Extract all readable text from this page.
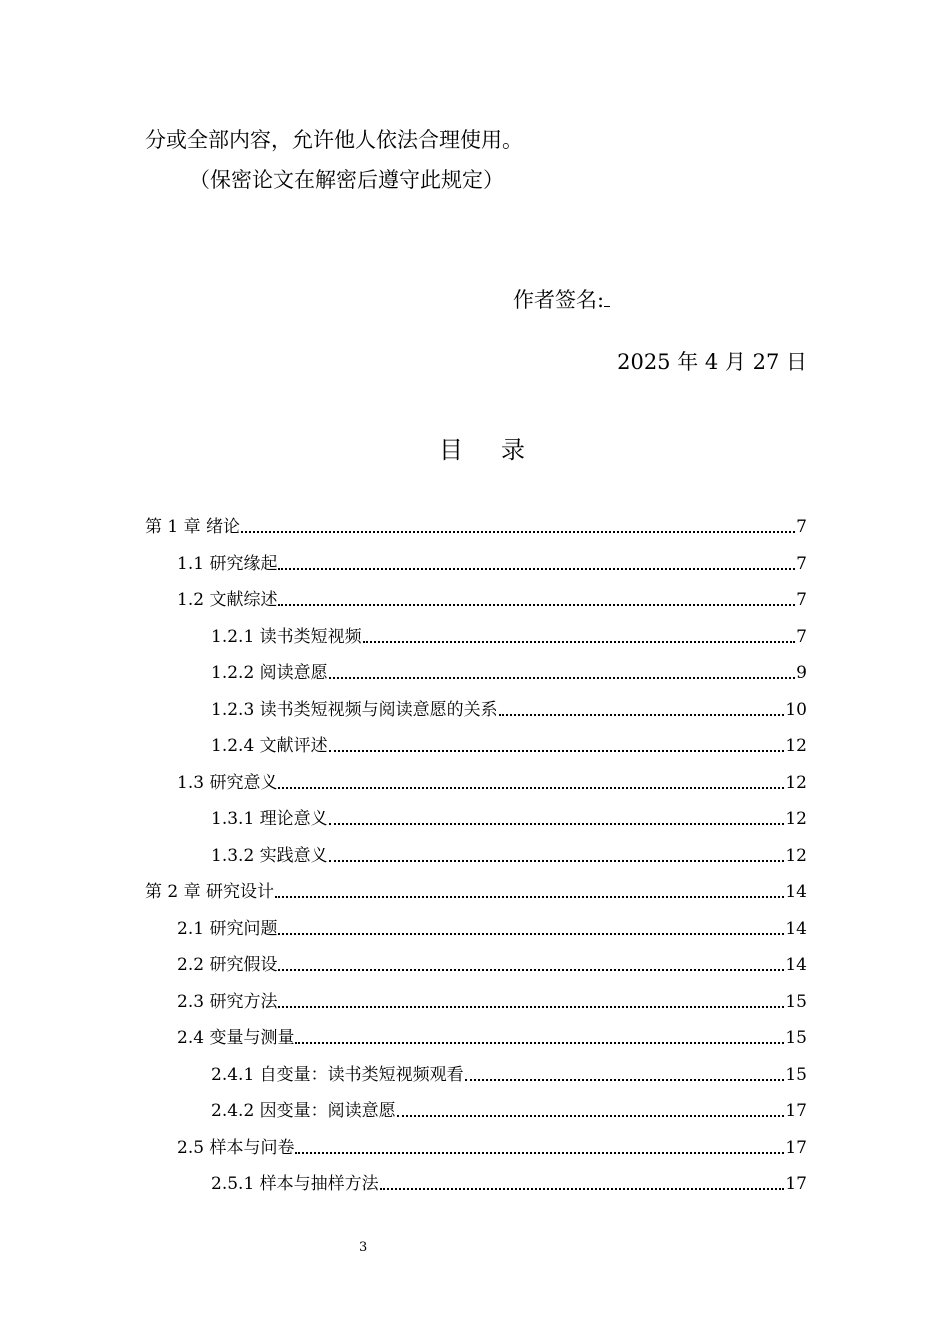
分或全部内容，允许他人依法合理使用。
（保密论文在解密后遵守此规定）
作者签名:
2025 年 4 月 27 日
目 录
第 1 章 绪论	7
1.1 研究缘起	7
1.2 文献综述	7
1.2.1 读书类短视频	7
1.2.2 阅读意愿	9
1.2.3 读书类短视频与阅读意愿的关系	10
1.2.4 文献评述	12
1.3 研究意义	12
1.3.1 理论意义	12
1.3.2 实践意义	12
第 2 章 研究设计	14
2.1 研究问题	14
2.2 研究假设	14
2.3 研究方法	15
2.4 变量与测量	15
2.4.1 自变量：读书类短视频观看	15
2.4.2 因变量：阅读意愿	17
2.5 样本与问卷	17
2.5.1 样本与抽样方法	17
3
